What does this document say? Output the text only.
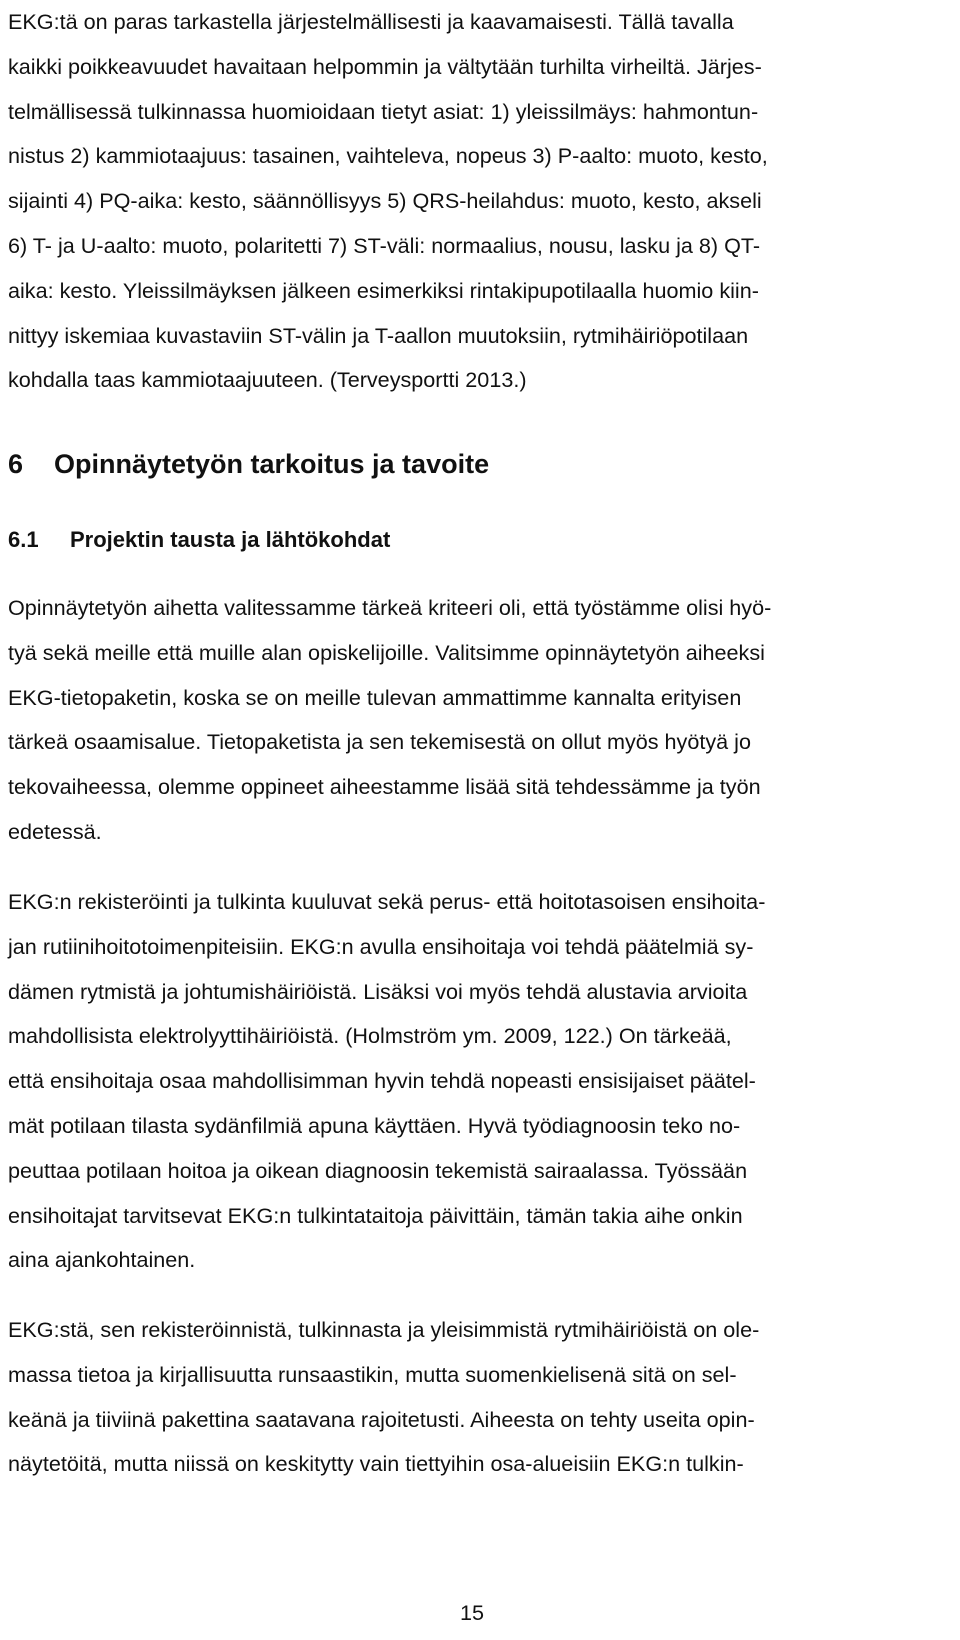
EKG:tä on paras tarkastella järjestelmällisesti ja kaavamaisesti. Tällä tavalla
kaikki poikkeavuudet havaitaan helpommin ja vältytään turhilta virheiltä. Järjes-
telmällisessä tulkinnassa huomioidaan tietyt asiat: 1) yleissilmäys: hahmontun-
nistus 2) kammiotaajuus: tasainen, vaihteleva, nopeus 3) P-aalto: muoto, kesto,
sijainti 4) PQ-aika: kesto, säännöllisyys 5) QRS-heilahdus: muoto, kesto, akseli
6) T- ja U-aalto: muoto, polaritetti 7) ST-väli: normaalius, nousu, lasku ja 8) QT-
aika: kesto. Yleissilmäyksen jälkeen esimerkiksi rintakipupotilaalla huomio kiin-
nittyy iskemiaa kuvastaviin ST-välin ja T-aallon muutoksiin, rytmihäiriöpotilaan
kohdalla taas kammiotaajuuteen. (Terveysportti 2013.)
6 Opinnäytetyön tarkoitus ja tavoite
6.1 Projektin tausta ja lähtökohdat
Opinnäytetyön aihetta valitessamme tärkeä kriteeri oli, että työstämme olisi hyö-
tyä sekä meille että muille alan opiskelijoille. Valitsimme opinnäytetyön aiheeksi
EKG-tietopaketin, koska se on meille tulevan ammattimme kannalta erityisen
tärkeä osaamisalue. Tietopaketista ja sen tekemisestä on ollut myös hyötyä jo
tekovaiheessa, olemme oppineet aiheestamme lisää sitä tehdessämme ja työn
edetessä.
EKG:n rekisteröinti ja tulkinta kuuluvat sekä perus- että hoitotasoisen ensihoita-
jan rutiinihoitotoimenpiteisiin. EKG:n avulla ensihoitaja voi tehdä päätelmiä sy-
dämen rytmistä ja johtumishäiriöistä. Lisäksi voi myös tehdä alustavia arvioita
mahdollisista elektrolyyttihäiriöistä. (Holmström ym. 2009, 122.) On tärkeää,
että ensihoitaja osaa mahdollisimman hyvin tehdä nopeasti ensisijaiset päätel-
mät potilaan tilasta sydänfilmiä apuna käyttäen. Hyvä työdiagnoosin teko no-
peuttaa potilaan hoitoa ja oikean diagnoosin tekemistä sairaalassa. Työssään
ensihoitajat tarvitsevat EKG:n tulkintataitoja päivittäin, tämän takia aihe onkin
aina ajankohtainen.
EKG:stä, sen rekisteröinnistä, tulkinnasta ja yleisimmistä rytmihäiriöistä on ole-
massa tietoa ja kirjallisuutta runsaastikin, mutta suomenkielisenä sitä on sel-
keänä ja tiiviinä pakettina saatavana rajoitetusti. Aiheesta on tehty useita opin-
näytetöitä, mutta niissä on keskitytty vain tiettyihin osa-alueisiin EKG:n tulkin-
15
